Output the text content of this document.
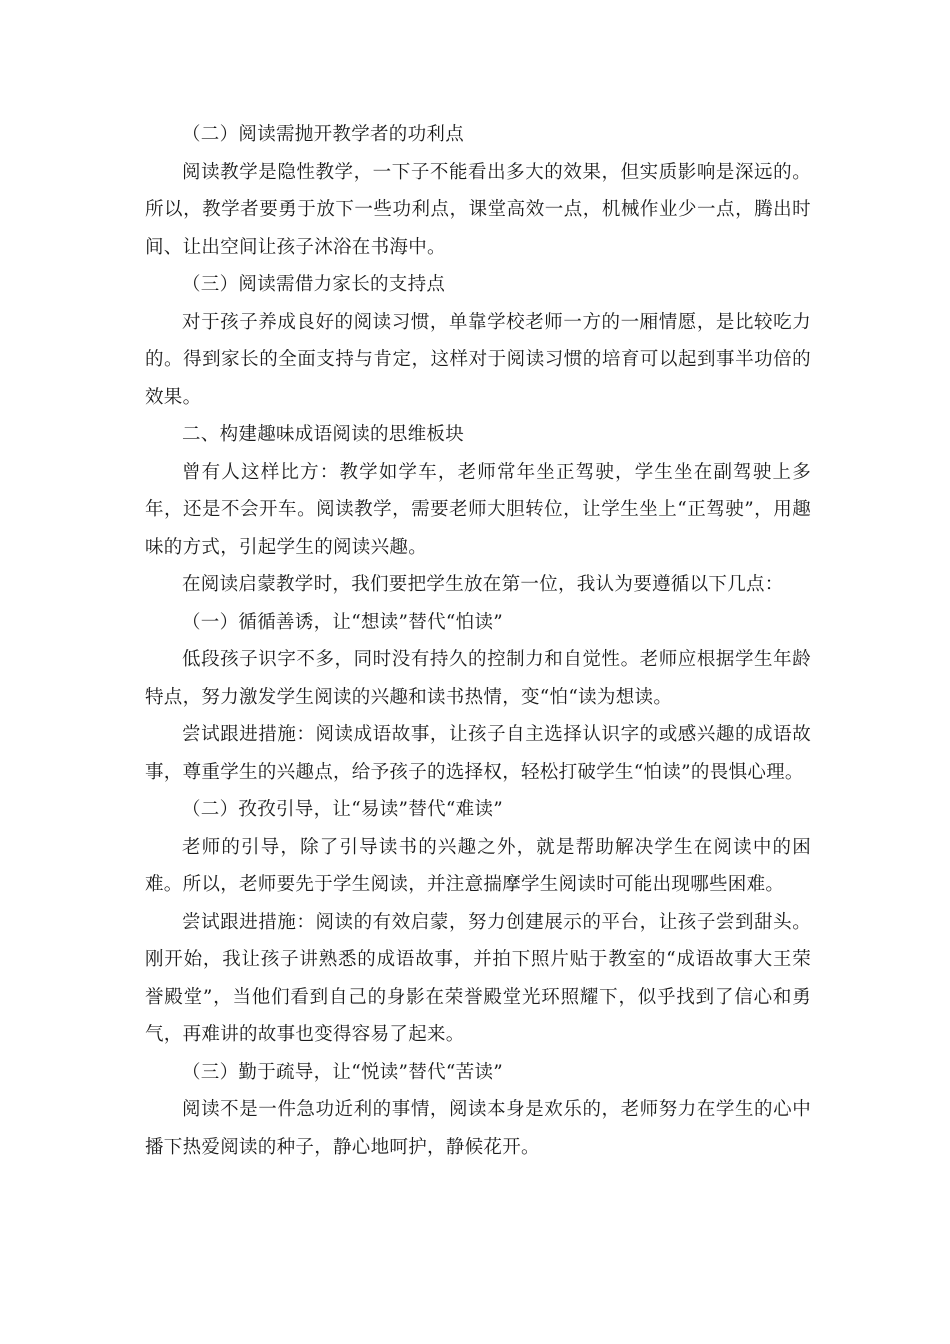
（二）阅读需抛开教学者的功利点

阅读教学是隐性教学，一下子不能看出多大的效果，但实质影响是深远的。所以，教学者要勇于放下一些功利点，课堂高效一点，机械作业少一点，腾出时间、让出空间让孩子沐浴在书海中。

（三）阅读需借力家长的支持点

对于孩子养成良好的阅读习惯，单靠学校老师一方的一厢情愿，是比较吃力的。得到家长的全面支持与肯定，这样对于阅读习惯的培育可以起到事半功倍的效果。

二、构建趣味成语阅读的思维板块

曾有人这样比方：教学如学车，老师常年坐正驾驶，学生坐在副驾驶上多年，还是不会开车。阅读教学，需要老师大胆转位，让学生坐上“正驾驶”，用趣味的方式，引起学生的阅读兴趣。

在阅读启蒙教学时，我们要把学生放在第一位，我认为要遵循以下几点：

（一）循循善诱，让“想读”替代“怕读”

低段孩子识字不多，同时没有持久的控制力和自觉性。老师应根据学生年龄特点，努力激发学生阅读的兴趣和读书热情，变“怕“读为想读。

尝试跟进措施：阅读成语故事，让孩子自主选择认识字的或感兴趣的成语故事，尊重学生的兴趣点，给予孩子的选择权，轻松打破学生“怕读”的畏惧心理。

（二）孜孜引导，让“易读”替代“难读”

老师的引导，除了引导读书的兴趣之外，就是帮助解决学生在阅读中的困难。所以，老师要先于学生阅读，并注意揣摩学生阅读时可能出现哪些困难。

尝试跟进措施：阅读的有效启蒙，努力创建展示的平台，让孩子尝到甜头。刚开始，我让孩子讲熟悉的成语故事，并拍下照片贴于教室的“成语故事大王荣誉殿堂”，当他们看到自己的身影在荣誉殿堂光环照耀下，似乎找到了信心和勇气，再难讲的故事也变得容易了起来。

（三）勤于疏导，让“悦读”替代“苦读”

阅读不是一件急功近利的事情，阅读本身是欢乐的，老师努力在学生的心中播下热爱阅读的种子，静心地呵护，静候花开。
